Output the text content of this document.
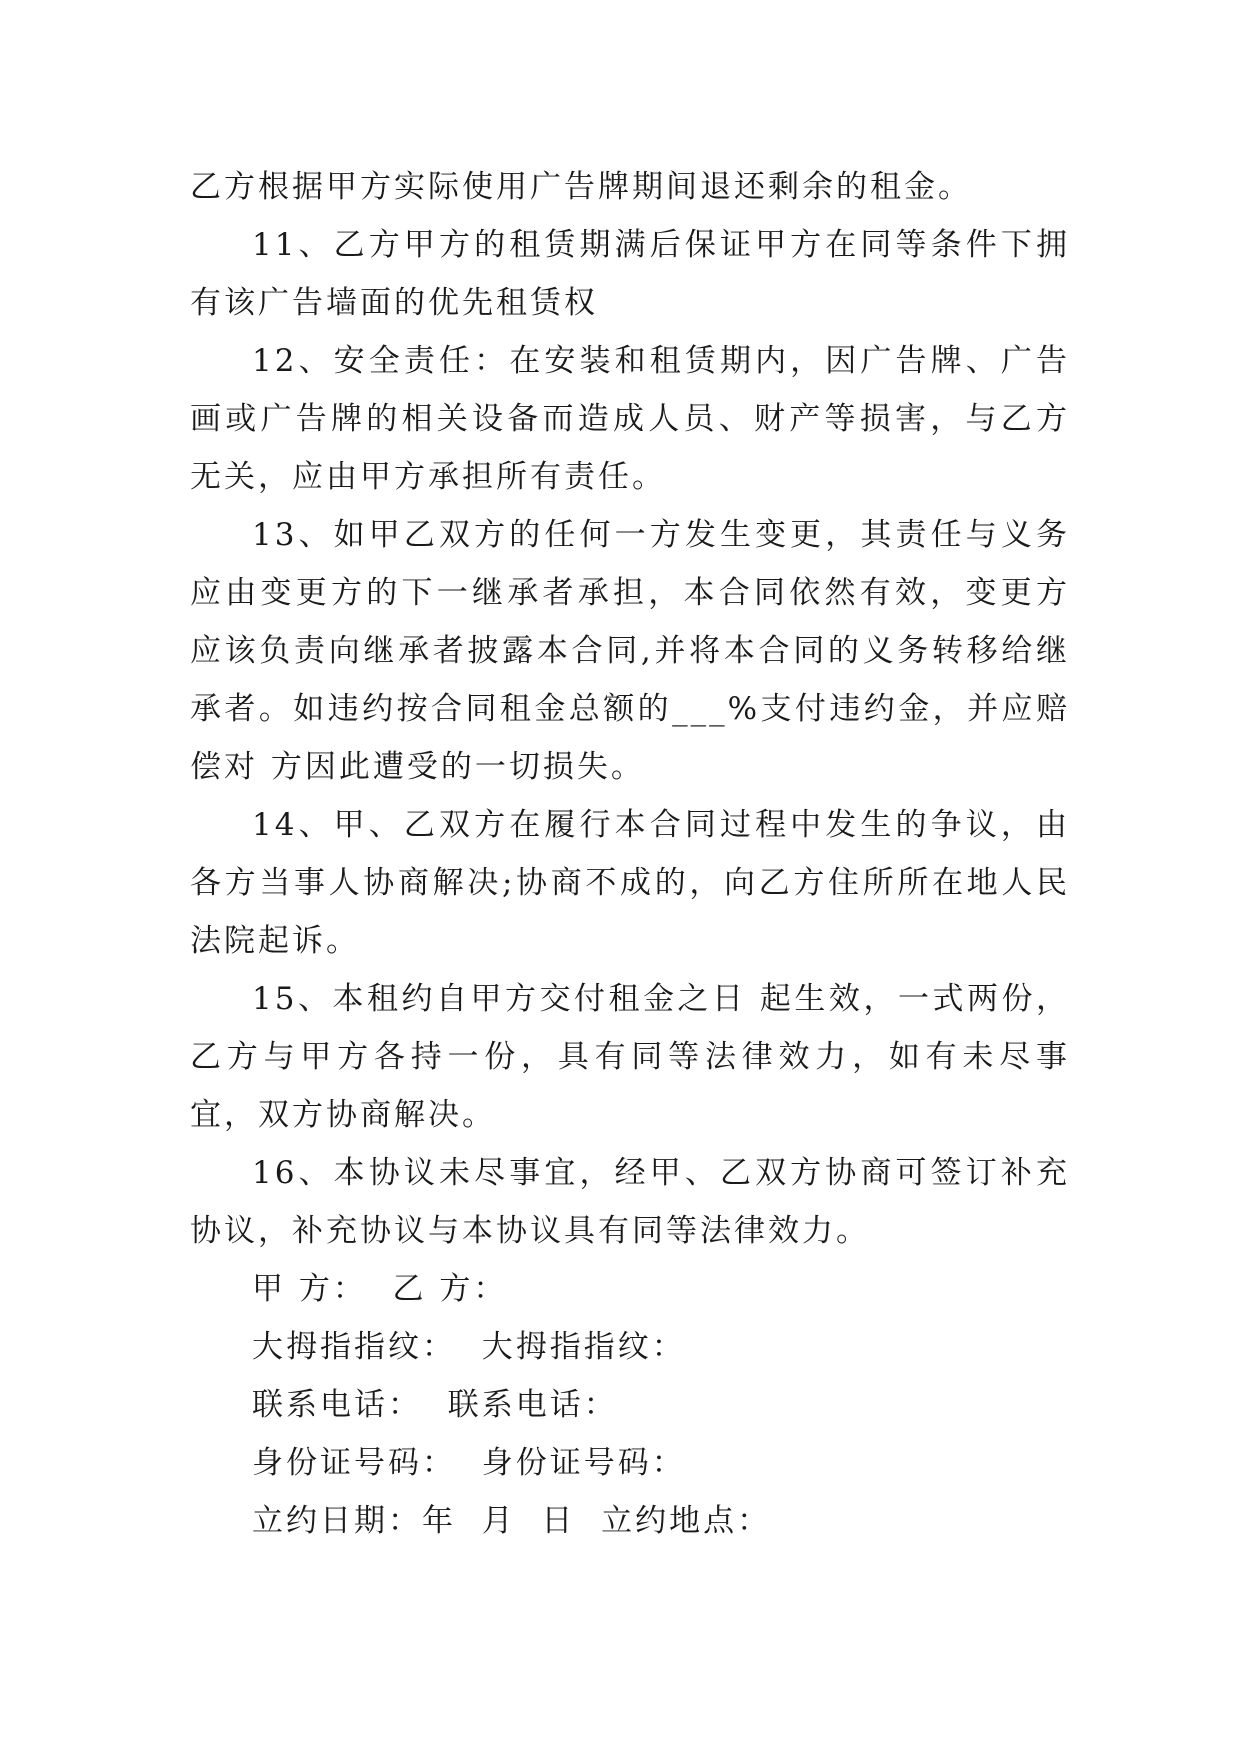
乙方根据甲方实际使用广告牌期间退还剩余的租金。

11、乙方甲方的租赁期满后保证甲方在同等条件下拥有该广告墙面的优先租赁权

12、安全责任：在安装和租赁期内，因广告牌、广告画或广告牌的相关设备而造成人员、财产等损害，与乙方无关，应由甲方承担所有责任。

13、如甲乙双方的任何一方发生变更，其责任与义务应由变更方的下一继承者承担，本合同依然有效，变更方应该负责向继承者披露本合同,并将本合同的义务转移给继承者。如违约按合同租金总额的___%支付违约金，并应赔偿对 方因此遭受的一切损失。

14、甲、乙双方在履行本合同过程中发生的争议，由各方当事人协商解决;协商不成的，向乙方住所所在地人民法院起诉。

15、本租约自甲方交付租金之日 起生效，一式两份，乙方与甲方各持一份，具有同等法律效力，如有未尽事宜，双方协商解决。

16、本协议未尽事宜，经甲、乙双方协商可签订补充协议，补充协议与本协议具有同等法律效力。

甲 方：  乙 方：

大拇指指纹：  大拇指指纹：

联系电话：  联系电话：

身份证号码：  身份证号码：

立约日期：年  月  日  立约地点：
